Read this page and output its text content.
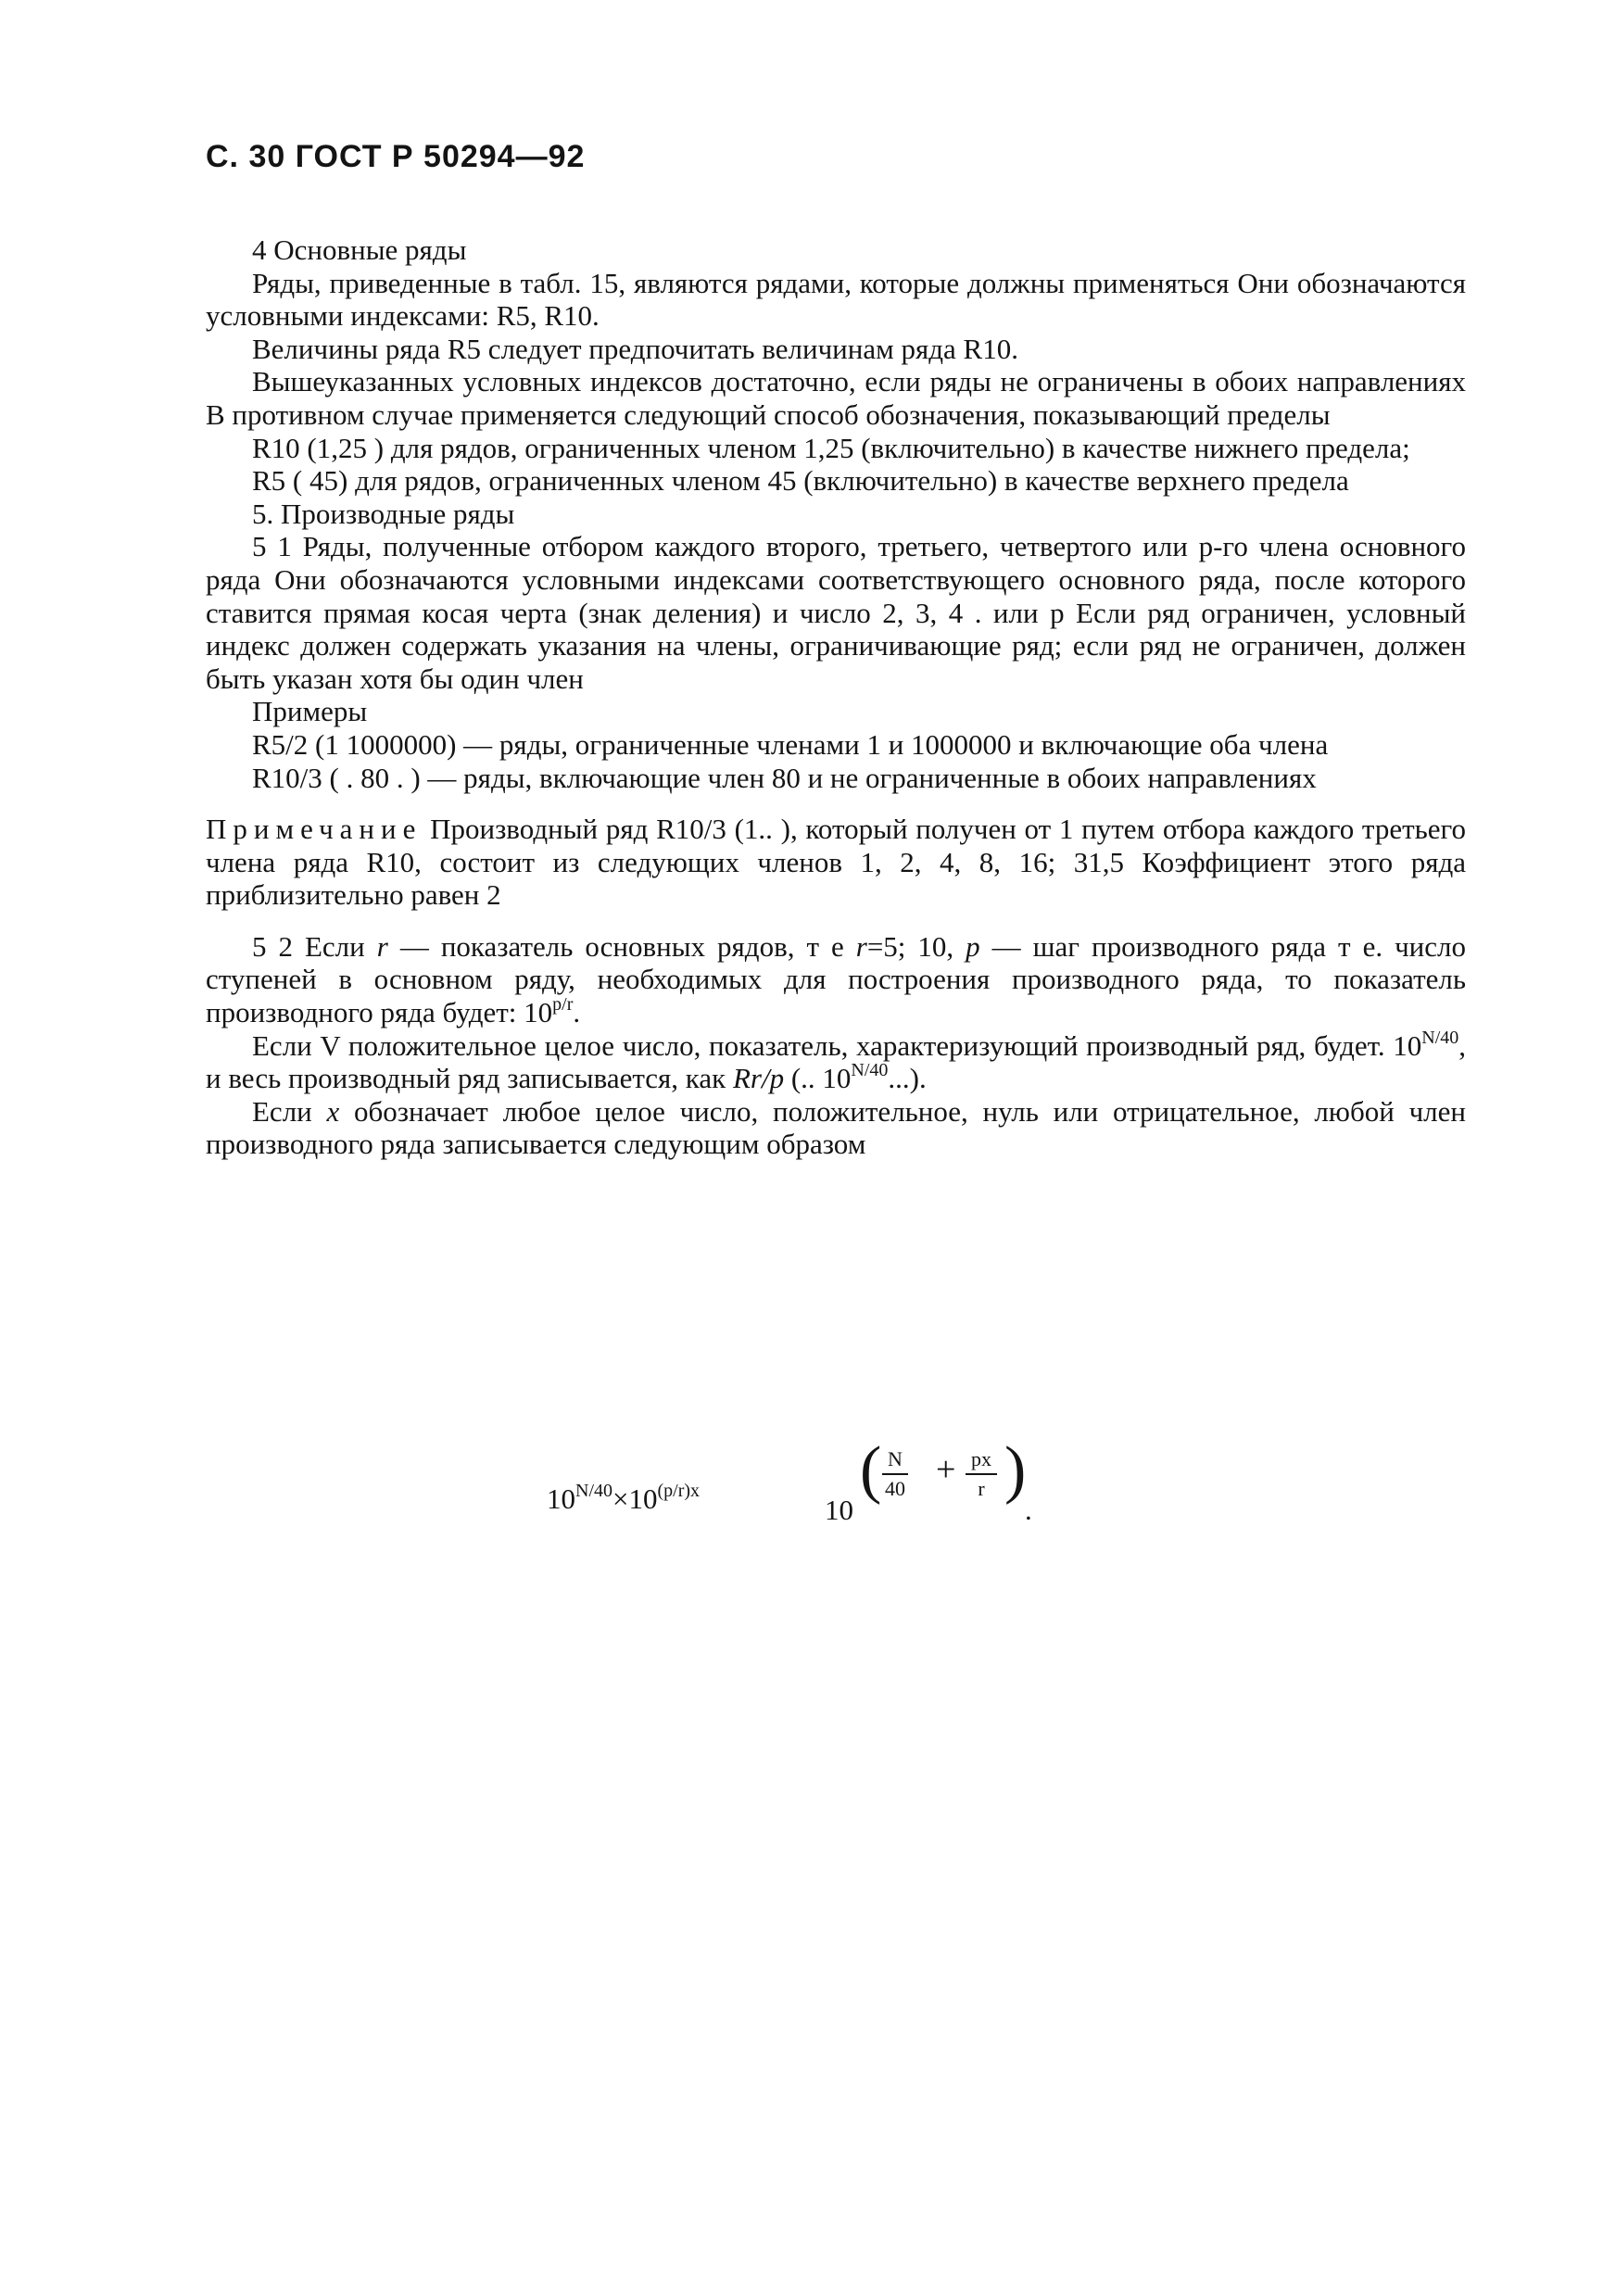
С. 30 ГОСТ Р 50294—92

4 Основные ряды

Ряды, приведенные в табл. 15, являются рядами, которые должны применяться Они обозначаются условными индексами: R5, R10.

Величины ряда R5 следует предпочитать величинам ряда R10.

Вышеуказанных условных индексов достаточно, если ряды не ограничены в обоих направлениях В противном случае применяется следующий способ обозначения, показывающий пределы

R10 (1,25 ) для рядов, ограниченных членом 1,25 (включительно) в качестве нижнего предела;

R5 ( 45) для рядов, ограниченных членом 45 (включительно) в качестве верхнего предела

5. Производные ряды

5 1 Ряды, полученные отбором каждого второго, третьего, четвертого или p-го члена основного ряда Они обозначаются условными индексами соответствующего основного ряда, после которого ставится прямая косая черта (знак деления) и число 2, 3, 4 . или p Если ряд ограничен, условный индекс должен содержать указания на члены, ограничивающие ряд; если ряд не ограничен, должен быть указан хотя бы один член

Примеры

R5/2 (1 1000000) — ряды, ограниченные членами 1 и 1000000 и включающие оба члена

R10/3 ( . 80 . ) — ряды, включающие член 80 и не ограниченные в обоих направлениях

Примечание Производный ряд R10/3 (1.. ), который получен от 1 путем отбора каждого третьего члена ряда R10, состоит из следующих членов 1, 2, 4, 8, 16; 31,5 Коэффициент этого ряда приблизительно равен 2

5 2 Если r — показатель основных рядов, т е r=5; 10, p — шаг производного ряда т е. число ступеней в основном ряду, необходимых для построения производного ряда, то показатель производного ряда будет: $10^{p/r}$.

Если V положительное целое число, показатель, характеризующий производный ряд, будет. $10^{N/40}$, и весь производный ряд записывается, как Rr/p (.. $10^{N/40}$...).

Если x обозначает любое целое число, положительное, нуль или отрицательное, любой член производного ряда записывается следующим образом

$10^{N/40}\times 10^{(p/r)x}$
10
( $\frac{N}{40} + \frac{px}{r}$ )
.
